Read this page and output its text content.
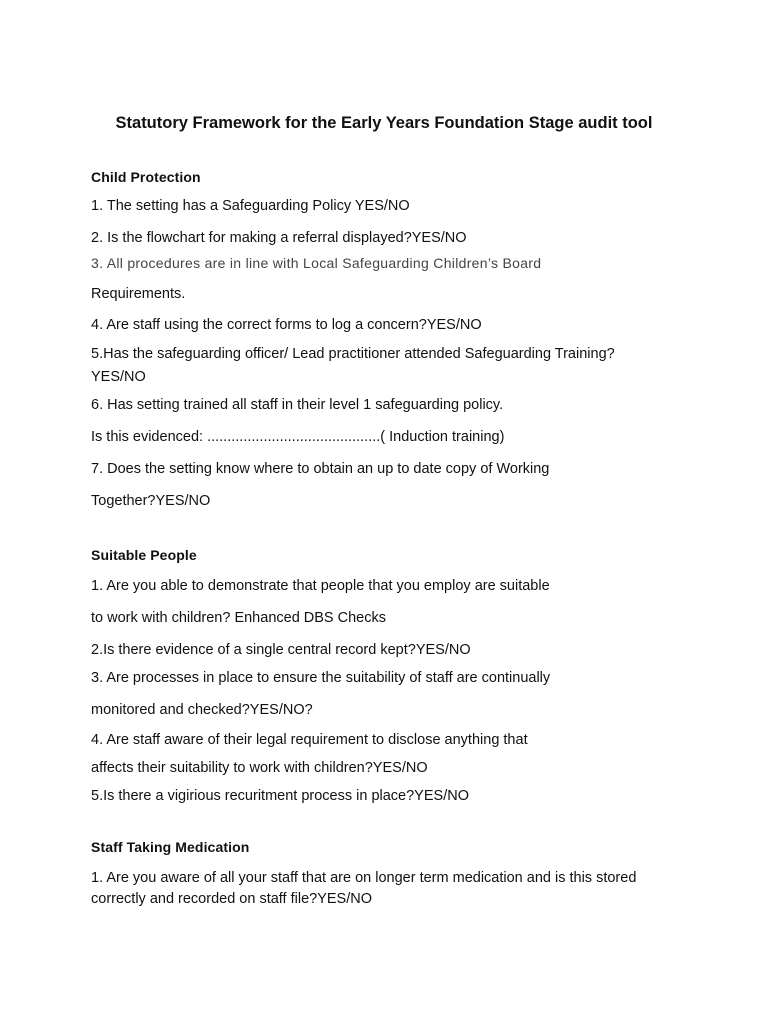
Statutory Framework for the Early Years Foundation Stage audit tool
Child Protection
1. The setting has a Safeguarding Policy YES/NO
2. Is the flowchart for making a referral displayed?YES/NO
3. All procedures are in line with Local Safeguarding Children’s Board
Requirements.
4. Are staff using the correct forms to log a concern?YES/NO
5.Has the safeguarding officer/ Lead practitioner attended Safeguarding Training?
YES/NO
6. Has setting trained all staff in their level 1 safeguarding policy.
Is this evidenced: ...........................................( Induction training)
7. Does the setting know where to obtain an up to date copy of Working
Together?YES/NO
Suitable People
1. Are you able to demonstrate that people that you employ are suitable
to work with children? Enhanced DBS Checks
2.Is there evidence of a single central record kept?YES/NO
3. Are processes in place to ensure the suitability of staff are continually
monitored and checked?YES/NO?
4. Are staff aware of their legal requirement to disclose anything that
affects their suitability to work with children?YES/NO
5.Is there a vigirious recuritment process in place?YES/NO
Staff Taking Medication
1. Are you aware of all your staff that are on longer term medication and is this stored
correctly and recorded on staff file?YES/NO
